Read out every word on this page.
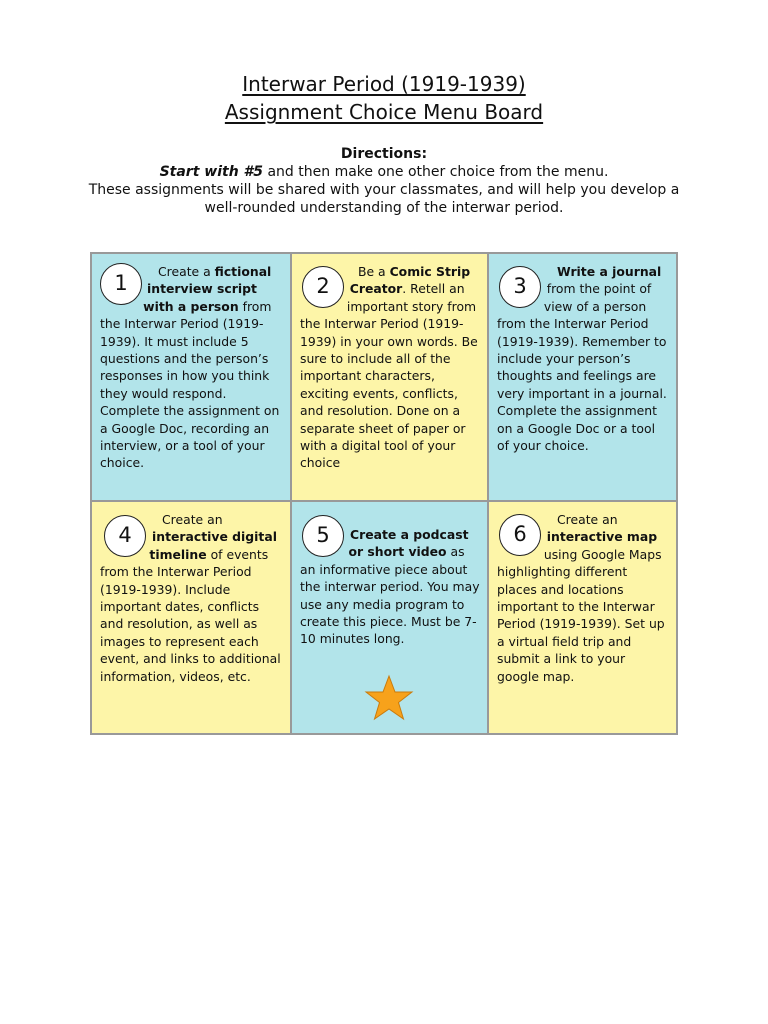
Interwar Period (1919-1939)
Assignment Choice Menu Board
Directions:
Start with #5 and then make one other choice from the menu.
These assignments will be shared with your classmates, and will help you develop a
well-rounded understanding of the interwar period.
1	Create a fictional interview script with a person from the Interwar Period (1919-1939). It must include 5 questions and the person’s responses in how you think they would respond. Complete the assignment on a Google Doc, recording an interview, or a tool of your choice.
2
Be a Comic Strip Creator. Retell an important story from the Interwar Period (1919-1939) in your own words. Be sure to include all of the important characters, exciting events, conflicts, and resolution. Done on a separate sheet of paper or with a digital tool of your choice
3
Write a journal from the point of view of a person from the Interwar Period (1919-1939). Remember to include your person’s thoughts and feelings are very important in a journal. Complete the assignment on a Google Doc or a tool of your choice.
4
Create an interactive digital timeline of events from the Interwar Period (1919-1939). Include important dates, conflicts and resolution, as well as images to represent each event, and links to additional information, videos, etc.
5	Create a podcast or short video as an informative piece about the interwar period. You may use any media program to create this piece. Must be 7-10 minutes long.
6
Create an interactive map using Google Maps highlighting different places and locations important to the Interwar Period (1919-1939). Set up a virtual field trip and submit a link to your google map.
